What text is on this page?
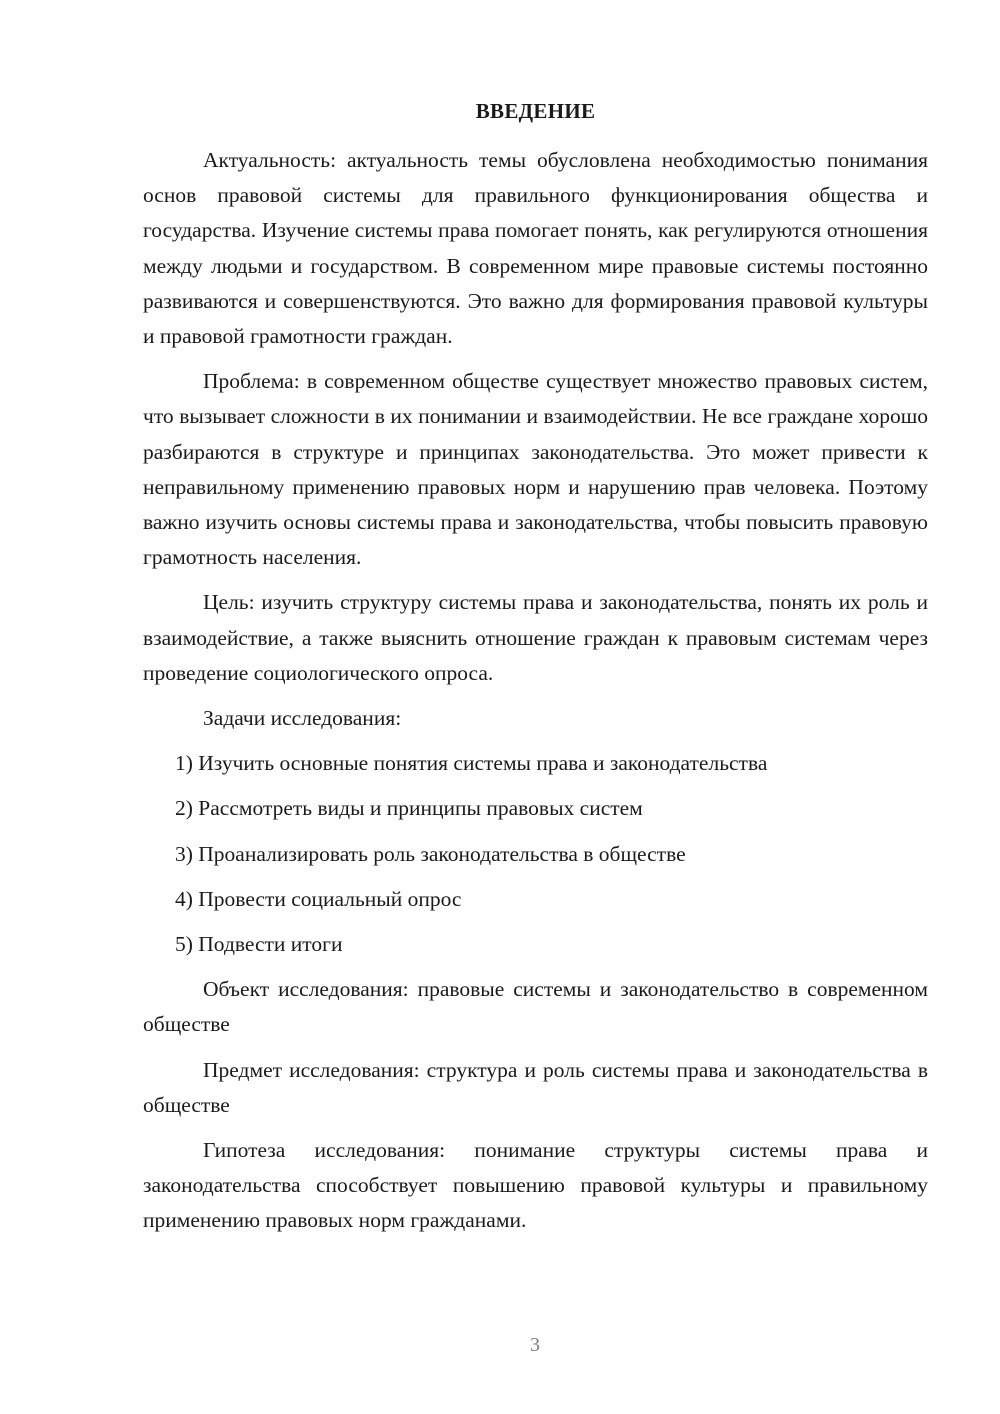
ВВЕДЕНИЕ

Актуальность: актуальность темы обусловлена необходимостью понимания основ правовой системы для правильного функционирования общества и государства. Изучение системы права помогает понять, как регулируются отношения между людьми и государством. В современном мире правовые системы постоянно развиваются и совершенствуются. Это важно для формирования правовой культуры и правовой грамотности граждан.

Проблема: в современном обществе существует множество правовых систем, что вызывает сложности в их понимании и взаимодействии. Не все граждане хорошо разбираются в структуре и принципах законодательства. Это может привести к неправильному применению правовых норм и нарушению прав человека. Поэтому важно изучить основы системы права и законодательства, чтобы повысить правовую грамотность населения.

Цель: изучить структуру системы права и законодательства, понять их роль и взаимодействие, а также выяснить отношение граждан к правовым системам через проведение социологического опроса.

Задачи исследования:

1) Изучить основные понятия системы права и законодательства
2) Рассмотреть виды и принципы правовых систем
3) Проанализировать роль законодательства в обществе
4) Провести социальный опрос
5) Подвести итоги

Объект исследования: правовые системы и законодательство в современном обществе

Предмет исследования: структура и роль системы права и законодательства в обществе

Гипотеза исследования: понимание структуры системы права и законодательства способствует повышению правовой культуры и правильному применению правовых норм гражданами.

3
